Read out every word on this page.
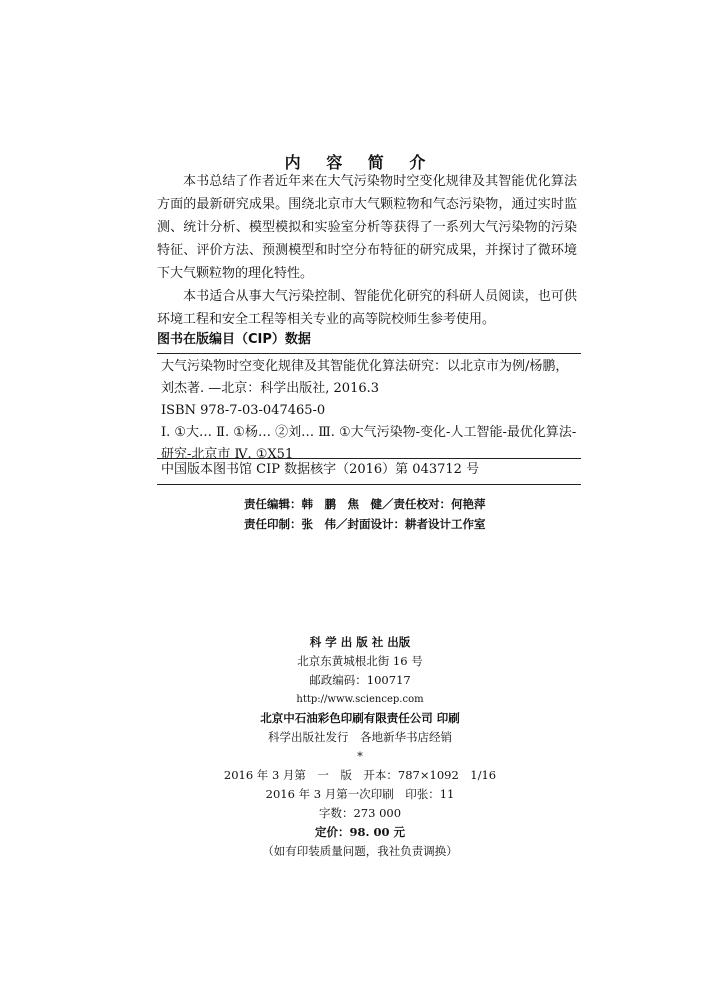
内 容 简 介

本书总结了作者近年来在大气污染物时空变化规律及其智能优化算法方面的最新研究成果。围绕北京市大气颗粒物和气态污染物，通过实时监测、统计分析、模型模拟和实验室分析等获得了一系列大气污染物的污染特征、评价方法、预测模型和时空分布特征的研究成果，并探讨了微环境下大气颗粒物的理化特性。

本书适合从事大气污染控制、智能优化研究的科研人员阅读，也可供环境工程和安全工程等相关专业的高等院校师生参考使用。

图书在版编目（CIP）数据
大气污染物时空变化规律及其智能优化算法研究：以北京市为例/杨鹏，刘杰著. —北京：科学出版社, 2016.3
ISBN 978-7-03-047465-0
Ⅰ. ①大… Ⅱ. ①杨… ②刘… Ⅲ. ①大气污染物-变化-人工智能-最优化算法-研究-北京市 Ⅳ. ①X51
中国版本图书馆 CIP 数据核字（2016）第 043712 号
责任编辑：韩　鹏　焦　健／责任校对：何艳萍
责任印制：张　伟／封面设计：耕者设计工作室
科 学 出 版 社 出版
北京东黄城根北街 16 号
邮政编码：100717
http://www.sciencep.com
北京中石油彩色印刷有限责任公司 印刷
科学出版社发行　各地新华书店经销
*
2016 年 3 月第　一　版　开本：787×1092　1/16
2016 年 3 月第一次印刷　印张：11
字数：273 000
定价：98. 00 元
（如有印装质量问题，我社负责调换）
